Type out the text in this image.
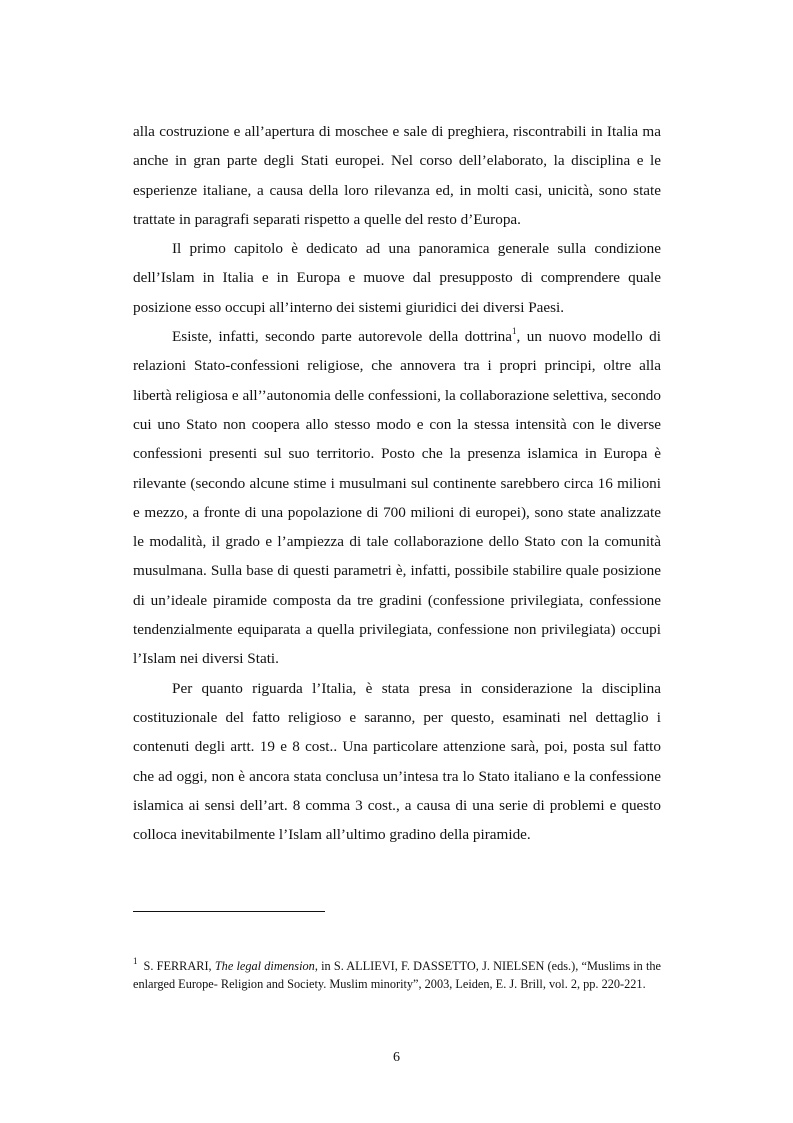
alla costruzione e all’apertura di moschee e sale di preghiera, riscontrabili in Italia ma anche in gran parte degli Stati europei. Nel corso dell’elaborato, la disciplina e le esperienze italiane, a causa della loro rilevanza ed, in molti casi, unicità, sono state trattate in paragrafi separati rispetto a quelle del resto d’Europa.

Il primo capitolo è dedicato ad una panoramica generale sulla condizione dell’Islam in Italia e in Europa e muove dal presupposto di comprendere quale posizione esso occupi all’interno dei sistemi giuridici dei diversi Paesi.

Esiste, infatti, secondo parte autorevole della dottrina$^1$, un nuovo modello di relazioni Stato-confessioni religiose, che annovera tra i propri principi, oltre alla libertà religiosa e all’’autonomia delle confessioni, la collaborazione selettiva, secondo cui uno Stato non coopera allo stesso modo e con la stessa intensità con le diverse confessioni presenti sul suo territorio. Posto che la presenza islamica in Europa è rilevante (secondo alcune stime i musulmani sul continente sarebbero circa 16 milioni e mezzo, a fronte di una popolazione di 700 milioni di europei), sono state analizzate le modalità, il grado e l’ampiezza di tale collaborazione dello Stato con la comunità musulmana. Sulla base di questi parametri è, infatti, possibile stabilire quale posizione di un’ideale piramide composta da tre gradini (confessione privilegiata, confessione tendenzialmente equiparata a quella privilegiata, confessione non privilegiata) occupi l’Islam nei diversi Stati.

Per quanto riguarda l’Italia, è stata presa in considerazione la disciplina costituzionale del fatto religioso e saranno, per questo, esaminati nel dettaglio i contenuti degli artt. 19 e 8 cost.. Una particolare attenzione sarà, poi, posta sul fatto che ad oggi, non è ancora stata conclusa un’intesa tra lo Stato italiano e la confessione islamica ai sensi dell’art. 8 comma 3 cost., a causa di una serie di problemi e questo colloca inevitabilmente l’Islam all’ultimo gradino della piramide.

$^1$ S. FERRARI, The legal dimension, in S. ALLIEVI, F. DASSETTO, J. NIELSEN (eds.), “Muslims in the enlarged Europe- Religion and Society. Muslim minority”, 2003, Leiden, E. J. Brill, vol. 2, pp. 220-221.

6
